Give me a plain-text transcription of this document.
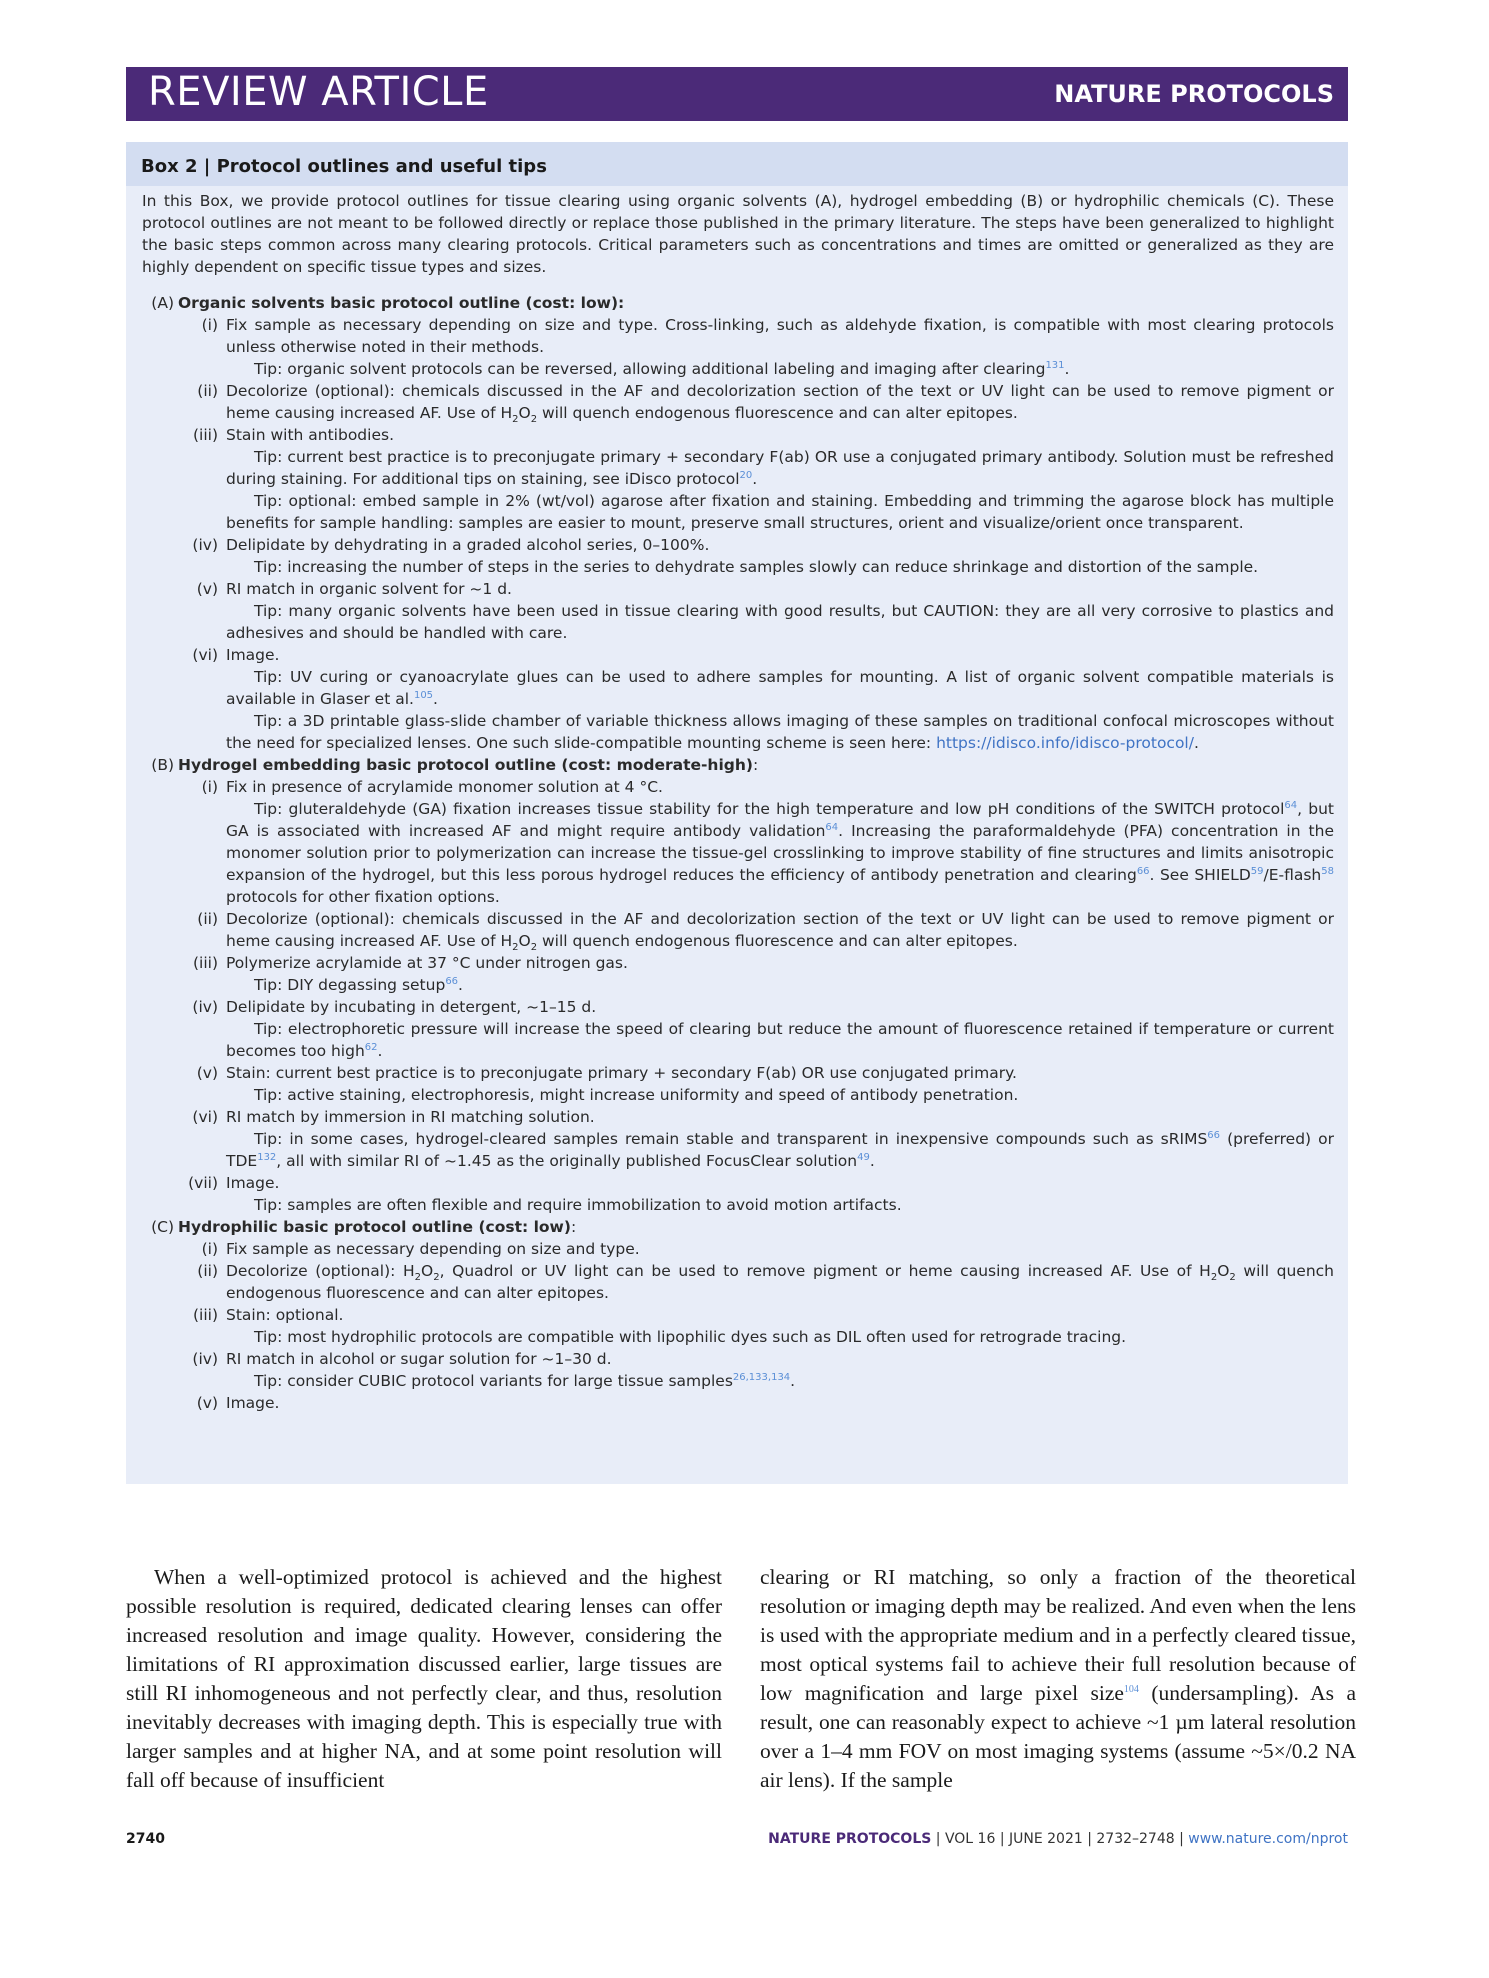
REVIEW ARTICLE	NATURE PROTOCOLS
Box 2 | Protocol outlines and useful tips

In this Box, we provide protocol outlines for tissue clearing using organic solvents (A), hydrogel embedding (B) or hydrophilic chemicals (C). These protocol outlines are not meant to be followed directly or replace those published in the primary literature. The steps have been generalized to highlight the basic steps common across many clearing protocols. Critical parameters such as concentrations and times are omitted or generalized as they are highly dependent on specific tissue types and sizes.

(A) Organic solvents basic protocol outline (cost: low):
(i) Fix sample as necessary depending on size and type. Cross-linking, such as aldehyde fixation, is compatible with most clearing protocols unless otherwise noted in their methods.
Tip: organic solvent protocols can be reversed, allowing additional labeling and imaging after clearing$^{131}$.
(ii) Decolorize (optional): chemicals discussed in the AF and decolorization section of the text or UV light can be used to remove pigment or heme causing increased AF. Use of $H_2O_2$ will quench endogenous fluorescence and can alter epitopes.
(iii) Stain with antibodies.
Tip: current best practice is to preconjugate primary + secondary F(ab) OR use a conjugated primary antibody. Solution must be refreshed during staining. For additional tips on staining, see iDisco protocol$^{20}$.
Tip: optional: embed sample in 2% (wt/vol) agarose after fixation and staining. Embedding and trimming the agarose block has multiple benefits for sample handling: samples are easier to mount, preserve small structures, orient and visualize/orient once transparent.
(iv) Delipidate by dehydrating in a graded alcohol series, 0–100%.
Tip: increasing the number of steps in the series to dehydrate samples slowly can reduce shrinkage and distortion of the sample.
(v) RI match in organic solvent for ~1 d.
Tip: many organic solvents have been used in tissue clearing with good results, but CAUTION: they are all very corrosive to plastics and adhesives and should be handled with care.
(vi) Image.
Tip: UV curing or cyanoacrylate glues can be used to adhere samples for mounting. A list of organic solvent compatible materials is available in Glaser et al.$^{105}$.
Tip: a 3D printable glass-slide chamber of variable thickness allows imaging of these samples on traditional confocal microscopes without the need for specialized lenses. One such slide-compatible mounting scheme is seen here: https://idisco.info/idisco-protocol/.
(B) Hydrogel embedding basic protocol outline (cost: moderate-high):
(i) Fix in presence of acrylamide monomer solution at 4 °C.
Tip: gluteraldehyde (GA) fixation increases tissue stability for the high temperature and low pH conditions of the SWITCH protocol$^{64}$, but GA is associated with increased AF and might require antibody validation$^{64}$. Increasing the paraformaldehyde (PFA) concentration in the monomer solution prior to polymerization can increase the tissue-gel crosslinking to improve stability of fine structures and limits anisotropic expansion of the hydrogel, but this less porous hydrogel reduces the efficiency of antibody penetration and clearing$^{66}$. See SHIELD$^{59}$/E-flash$^{58}$ protocols for other fixation options.
(ii) Decolorize (optional): chemicals discussed in the AF and decolorization section of the text or UV light can be used to remove pigment or heme causing increased AF. Use of $H_2O_2$ will quench endogenous fluorescence and can alter epitopes.
(iii) Polymerize acrylamide at 37 °C under nitrogen gas.
Tip: DIY degassing setup$^{66}$.
(iv) Delipidate by incubating in detergent, ~1–15 d.
Tip: electrophoretic pressure will increase the speed of clearing but reduce the amount of fluorescence retained if temperature or current becomes too high$^{62}$.
(v) Stain: current best practice is to preconjugate primary + secondary F(ab) OR use conjugated primary.
Tip: active staining, electrophoresis, might increase uniformity and speed of antibody penetration.
(vi) RI match by immersion in RI matching solution.
Tip: in some cases, hydrogel-cleared samples remain stable and transparent in inexpensive compounds such as sRIMS$^{66}$ (preferred) or TDE$^{132}$, all with similar RI of ~1.45 as the originally published FocusClear solution$^{49}$.
(vii) Image.
Tip: samples are often flexible and require immobilization to avoid motion artifacts.
(C) Hydrophilic basic protocol outline (cost: low):
(i) Fix sample as necessary depending on size and type.
(ii) Decolorize (optional): $H_2O_2$, Quadrol or UV light can be used to remove pigment or heme causing increased AF. Use of $H_2O_2$ will quench endogenous fluorescence and can alter epitopes.
(iii) Stain: optional.
Tip: most hydrophilic protocols are compatible with lipophilic dyes such as DIL often used for retrograde tracing.
(iv) RI match in alcohol or sugar solution for ~1–30 d.
Tip: consider CUBIC protocol variants for large tissue samples$^{26,133,134}$.
(v) Image.
When a well-optimized protocol is achieved and the highest possible resolution is required, dedicated clearing lenses can offer increased resolution and image quality. However, considering the limitations of RI approximation discussed earlier, large tissues are still RI inhomogeneous and not perfectly clear, and thus, resolution inevitably decreases with imaging depth. This is especially true with larger samples and at higher NA, and at some point resolution will fall off because of insufficient
clearing or RI matching, so only a fraction of the theoretical resolution or imaging depth may be realized. And even when the lens is used with the appropriate medium and in a perfectly cleared tissue, most optical systems fail to achieve their full resolution because of low magnification and large pixel size$^{104}$ (undersampling). As a result, one can reasonably expect to achieve ~1 µm lateral resolution over a 1–4 mm FOV on most imaging systems (assume ~5×/0.2 NA air lens). If the sample
2740	NATURE PROTOCOLS | VOL 16 | JUNE 2021 | 2732–2748 | www.nature.com/nprot
